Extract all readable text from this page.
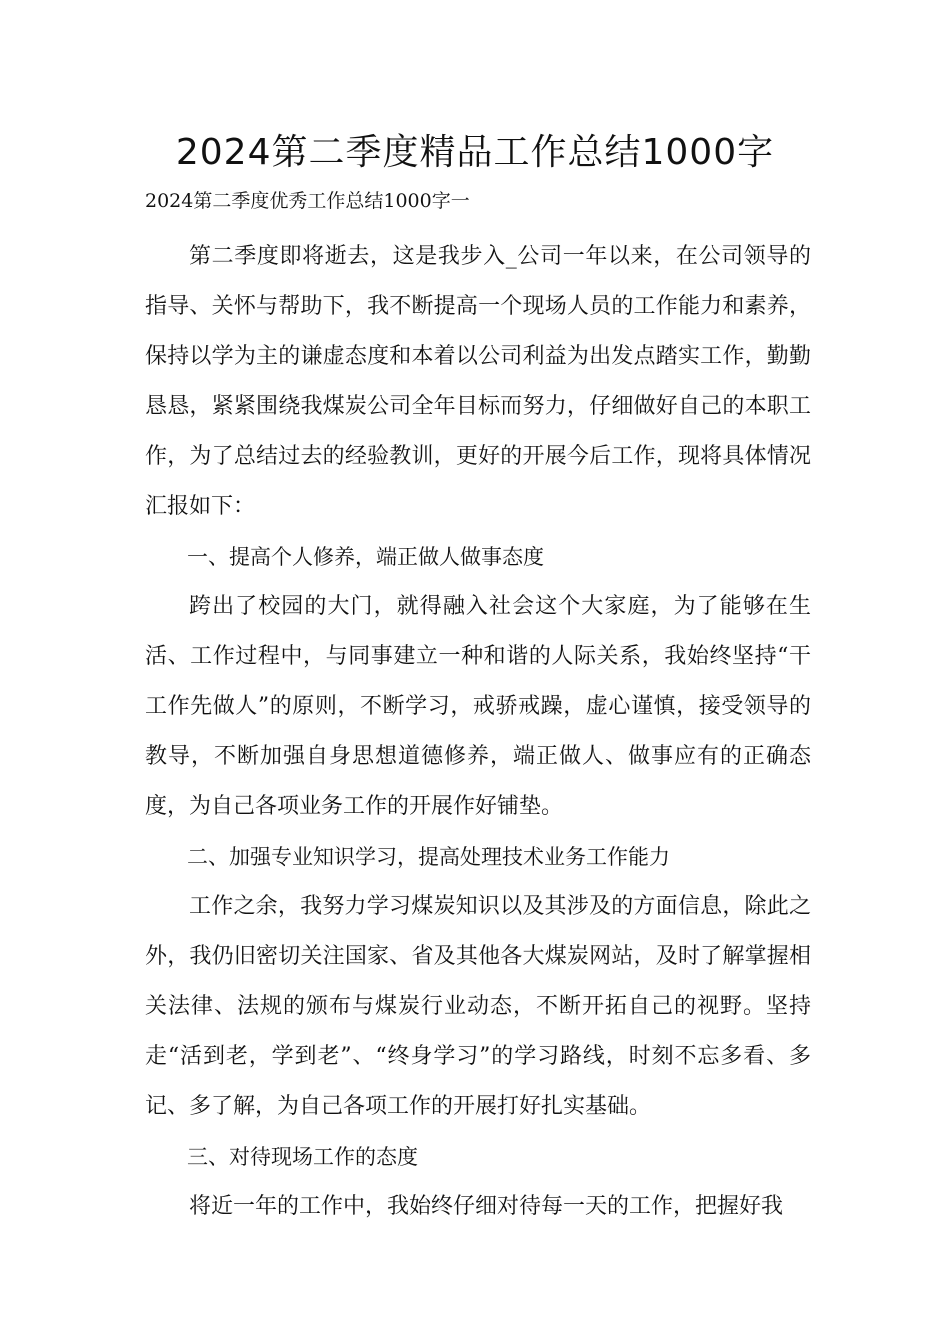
2024第二季度精品工作总结1000字
2024第二季度优秀工作总结1000字一

第二季度即将逝去，这是我步入_公司一年以来，在公司领导的指导、关怀与帮助下，我不断提高一个现场人员的工作能力和素养，保持以学为主的谦虚态度和本着以公司利益为出发点踏实工作，勤勤恳恳，紧紧围绕我煤炭公司全年目标而努力，仔细做好自己的本职工作，为了总结过去的经验教训，更好的开展今后工作，现将具体情况汇报如下：

一、提高个人修养，端正做人做事态度

跨出了校园的大门，就得融入社会这个大家庭，为了能够在生活、工作过程中，与同事建立一种和谐的人际关系，我始终坚持“干工作先做人”的原则，不断学习，戒骄戒躁，虚心谨慎，接受领导的教导，不断加强自身思想道德修养，端正做人、做事应有的正确态度，为自己各项业务工作的开展作好铺垫。

二、加强专业知识学习，提高处理技术业务工作能力

工作之余，我努力学习煤炭知识以及其涉及的方面信息，除此之外，我仍旧密切关注国家、省及其他各大煤炭网站，及时了解掌握相关法律、法规的颁布与煤炭行业动态，不断开拓自己的视野。坚持走“活到老，学到老”、“终身学习”的学习路线，时刻不忘多看、多记、多了解，为自己各项工作的开展打好扎实基础。

三、对待现场工作的态度

将近一年的工作中，我始终仔细对待每一天的工作，把握好我
